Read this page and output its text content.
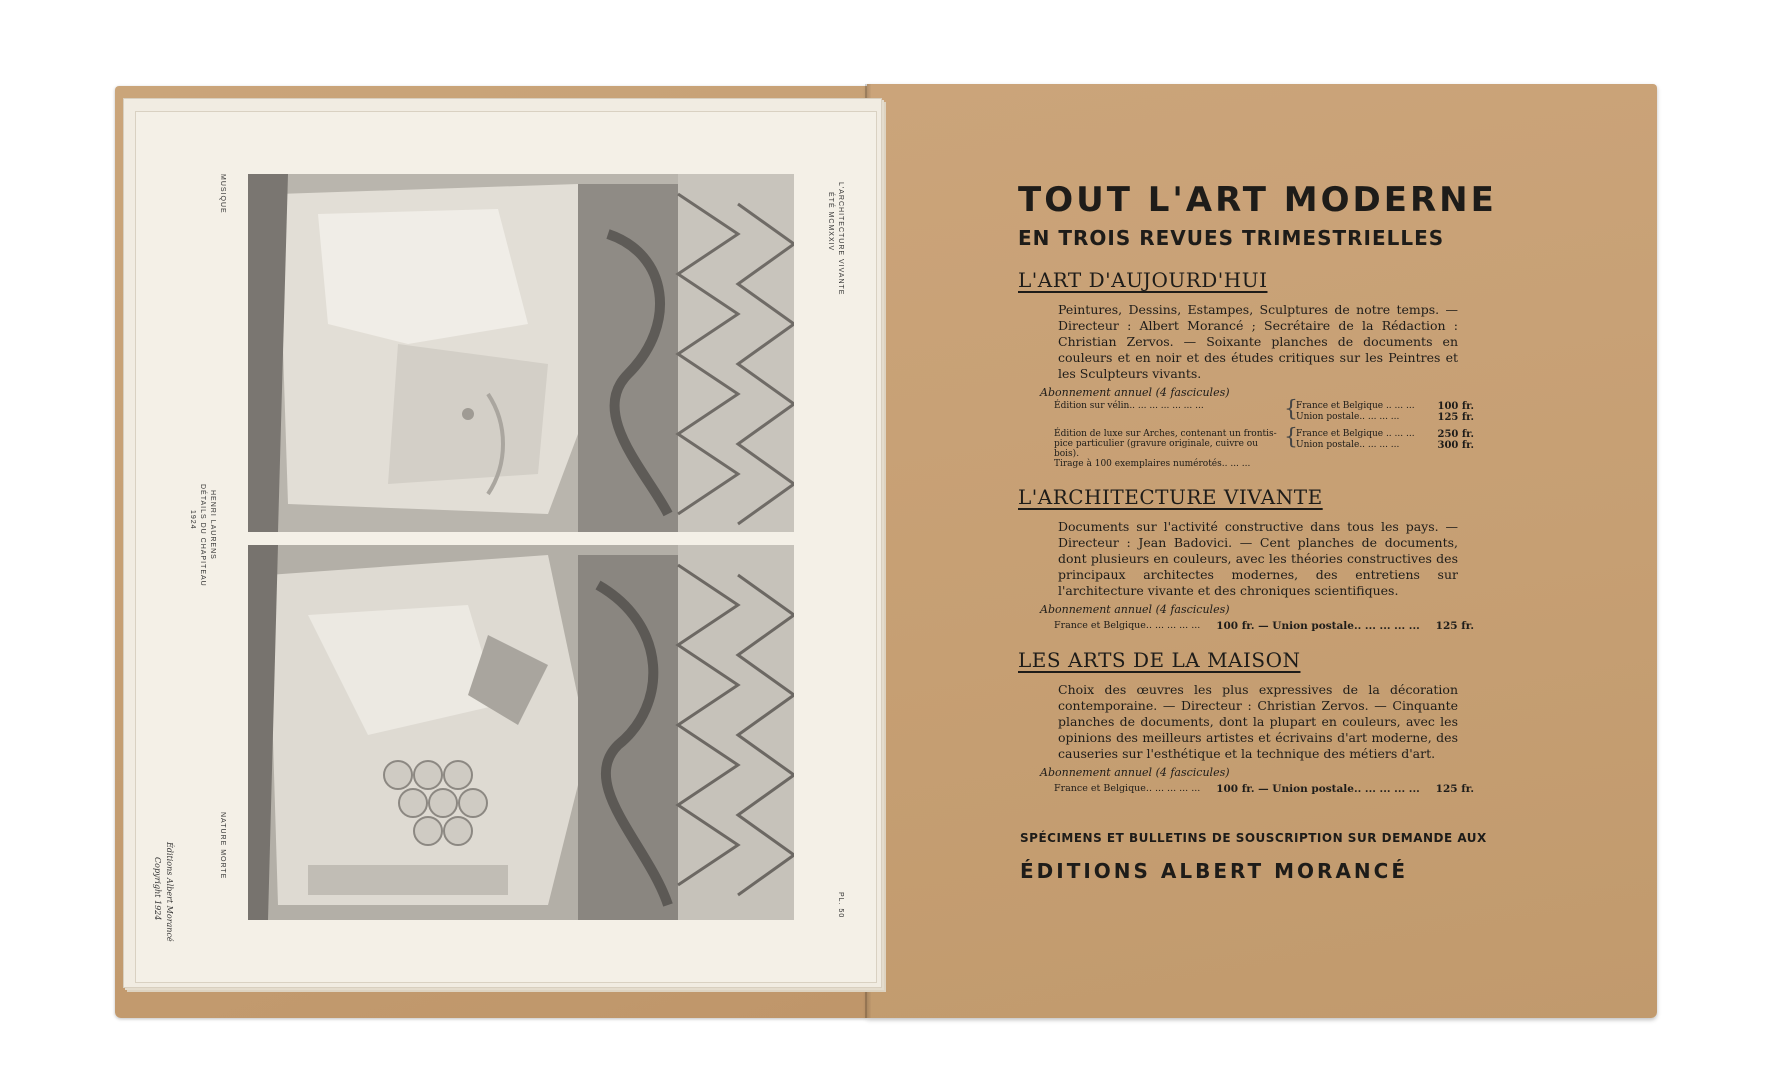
L'ARCHITECTURE VIVANTE
ÉTÉ MCMXXIV
PL. 50
MUSIQUE
NATURE MORTE
HENRI LAURENS
DÉTAILS DU CHAPITEAU
1924
Éditions Albert Morancé
Copyright 1924
TOUT L'ART MODERNE
EN TROIS REVUES TRIMESTRIELLES
L'ART D'AUJOURD'HUI
Peintures, Dessins, Estampes, Sculptures de notre temps. — Directeur : Albert Morancé ; Secrétaire de la Rédaction : Christian Zervos. — Soixante planches de documents en couleurs et en noir et des études critiques sur les Peintres et les Sculpteurs vivants.
Abonnement annuel (4 fascicules)
Édition sur vélin.. ... ... ... ... ... ...	{
France et Belgique .. ... ... 100 fr.
Union postale.. ... ... ...	125 fr.
Édition de luxe sur Arches, contenant un frontis-
pice particulier (gravure originale, cuivre ou bois).
Tirage à 100 exemplaires numérotés.. ... ...
{
France et Belgique .. ... ... 250 fr.
Union postale.. ... ... ...	300 fr.
L'ARCHITECTURE VIVANTE
Documents sur l'activité constructive dans tous les pays. — Directeur : Jean Badovici. — Cent planches de documents, dont plusieurs en couleurs, avec les théories constructives des principaux architectes modernes, des entretiens sur l'architecture vivante et des chroniques scientifiques.
Abonnement annuel (4 fascicules)
France et Belgique.. ... ... ... ... 100 fr. — Union postale.. ... ... ... ... 125 fr.
LES ARTS DE LA MAISON
Choix des œuvres les plus expressives de la décoration contemporaine. — Directeur : Christian Zervos. — Cinquante planches de documents, dont la plupart en couleurs, avec les opinions des meilleurs artistes et écrivains d'art moderne, des causeries sur l'esthétique et la technique des métiers d'art.
Abonnement annuel (4 fascicules)
France et Belgique.. ... ... ... ... 100 fr. — Union postale.. ... ... ... ... 125 fr.
SPÉCIMENS ET BULLETINS DE SOUSCRIPTION SUR DEMANDE AUX
ÉDITIONS ALBERT MORANCÉ
